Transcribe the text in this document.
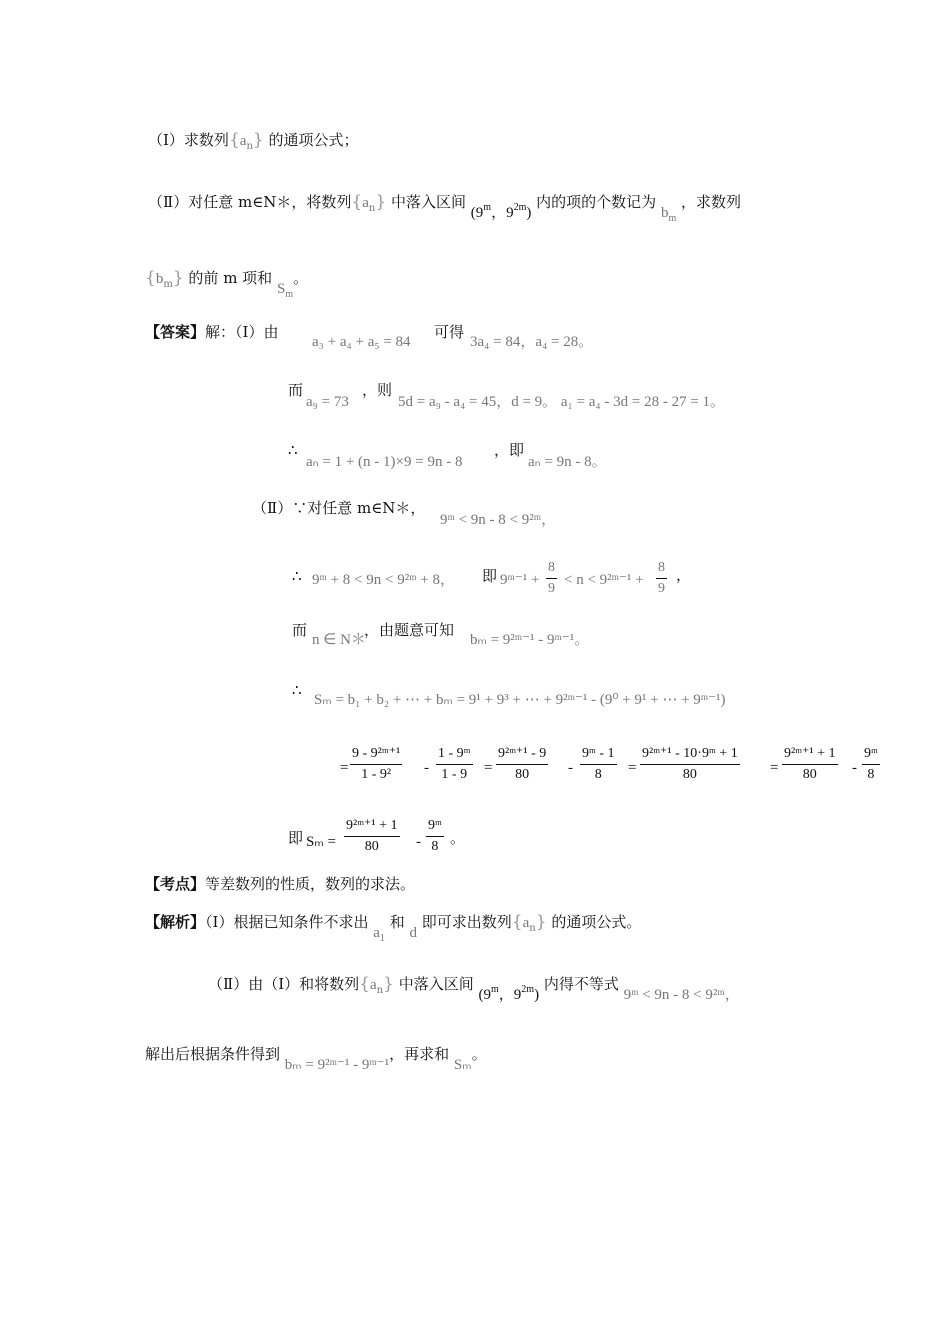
（Ⅰ）求数列$\{a_n\}$ 的通项公式；
（Ⅱ）对任意 m∈N＊，将数列$\{a_n\}$ 中落入区间 (9$^m$，$9^{2m}$) 内的项的个数记为 $b_m$ ，求数列
$\{b_m\}$ 的前 m 项和 $S_m$。
【答案】解：（Ⅰ）由
a₃ + a₄ + a₅ = 84
可得
3a₄ = 84，a₄ = 28。
而
a₉ = 73
，则
5d = a₉ - a₄ = 45，d = 9。 a₁ = a₄ - 3d = 28 - 27 = 1。
∴
aₙ = 1 + (n - 1)×9 = 9n - 8
，即
aₙ = 9n - 8。
（Ⅱ）∵对任意 m∈N＊，
9ᵐ < 9n - 8 < 9²ᵐ，
∴ 9ᵐ + 8 < 9n < 9²ᵐ + 8， 即 9ᵐ⁻¹ + $\frac{8}{9} < n$ < 9²ᵐ⁻¹ + $\frac{8}{9}$ ，
而
n ∈ N＊
，由题意可知
bₘ = 9²ᵐ⁻¹ - 9ᵐ⁻¹。
∴
Sₘ = b₁ + b₂ + ⋯ + bₘ = 9¹ + 9³ + ⋯ + 9²ᵐ⁻¹ - (9⁰ + 9¹ + ⋯ + 9ᵐ⁻¹)
= $\frac{\text{9 - 9²ᵐ⁺¹}}{\text{1 - 9²}} - \frac{\text{1 - 9ᵐ}}{1 - 9} = \frac{\text{9²ᵐ⁺¹ - 9}}{80} - \frac{\text{9ᵐ - 1}}{8} = \frac{\text{9²ᵐ⁺¹ - 10·9ᵐ + 1}}{80} = \frac{\text{9²ᵐ⁺¹ + 1}}{80} - \frac{\text{9ᵐ}}{8}$
即 $S_m = \frac{\text{9²ᵐ⁺¹ + 1}}{80} - \frac{\text{9ᵐ}}{8}$ 。
【考点】等差数列的性质，数列的求法。
【解析】（Ⅰ）根据已知条件不求出 $a_1$ 和 d 即可求出数列$\{a_n\}$ 的通项公式。
（Ⅱ）由（Ⅰ）和将数列$\{a_n\}$ 中落入区间 (9$^m$，$9^{2m}$) 内得不等式 9ᵐ < 9n - 8 < 9²ᵐ，
解出后根据条件得到 bₘ = 9²ᵐ⁻¹ - 9ᵐ⁻¹，再求和 Sₘ。
